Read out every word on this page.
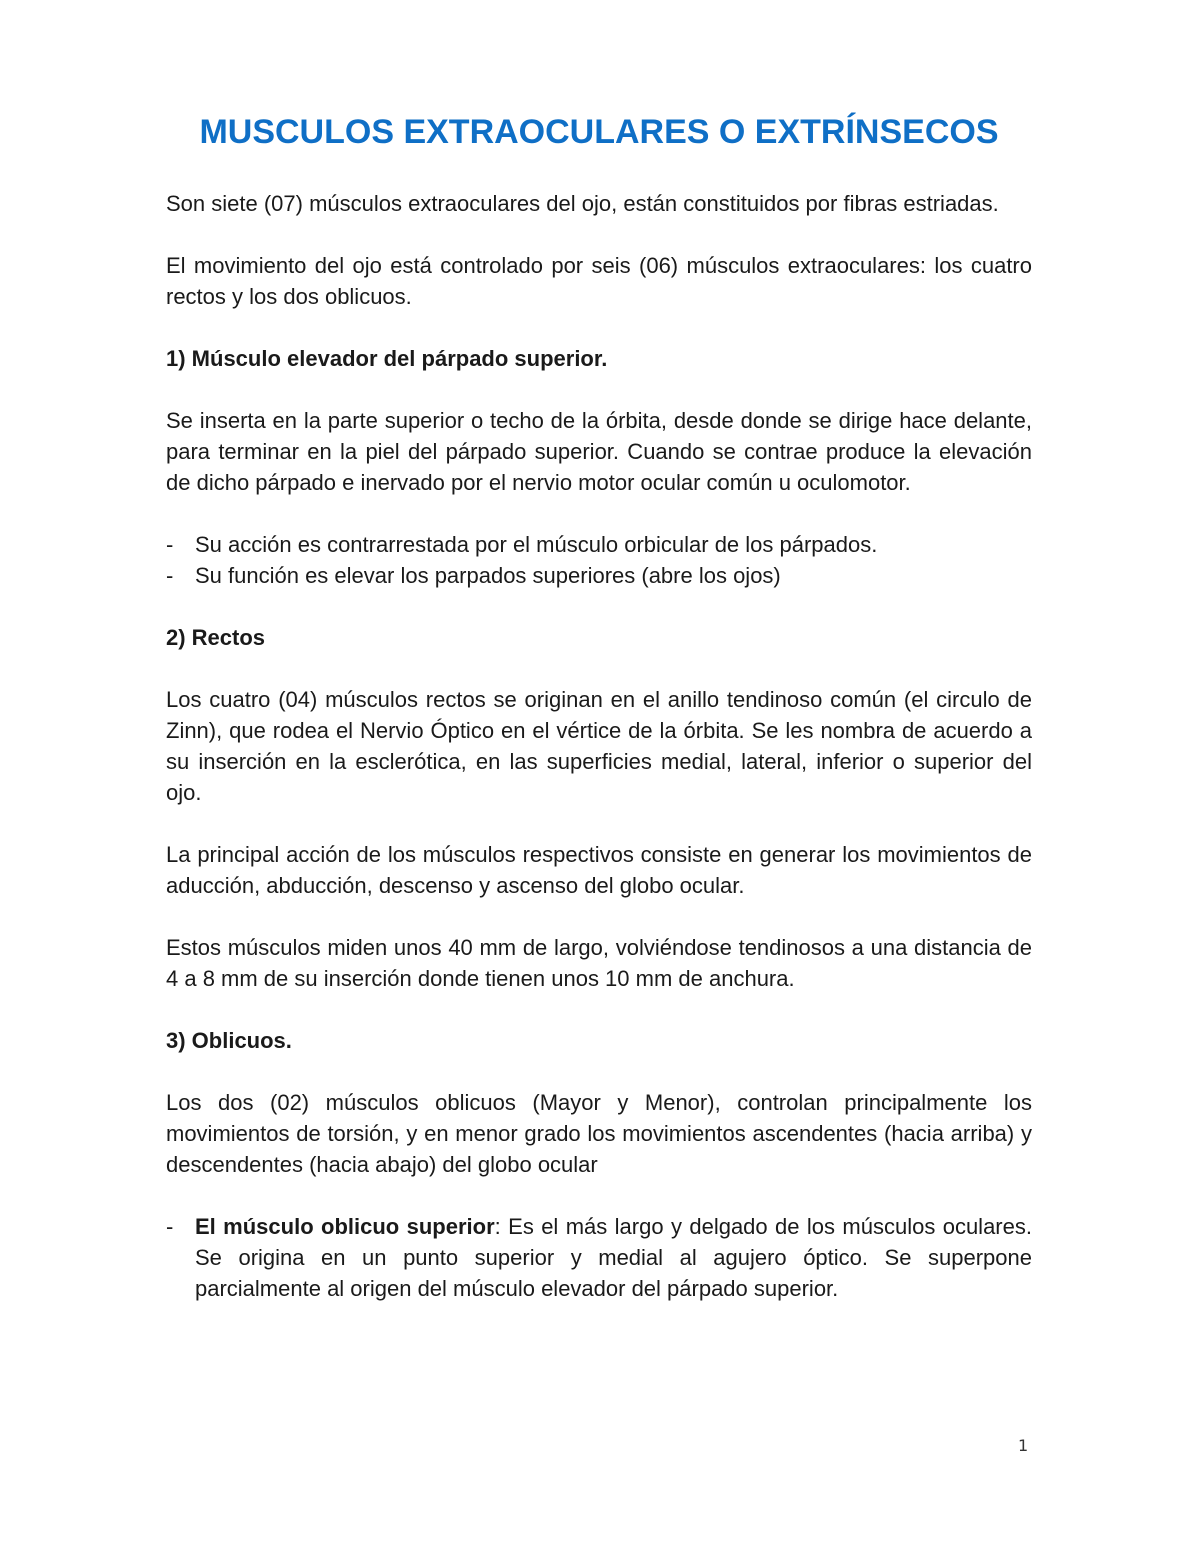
MUSCULOS EXTRAOCULARES O EXTRÍNSECOS

Son siete (07) músculos extraoculares del ojo, están constituidos por fibras estriadas.

El movimiento del ojo está controlado por seis (06) músculos extraoculares: los cuatro rectos y los dos oblicuos.

1) Músculo elevador del párpado superior.

Se inserta en la parte superior o techo de la órbita, desde donde se dirige hace delante, para terminar en la piel del párpado superior. Cuando se contrae produce la elevación de dicho párpado e inervado por el nervio motor ocular común u oculomotor.

- Su acción es contrarrestada por el músculo orbicular de los párpados.
- Su función es elevar los parpados superiores (abre los ojos)

2) Rectos

Los cuatro (04) músculos rectos se originan en el anillo tendinoso común (el circulo de Zinn), que rodea el Nervio Óptico en el vértice de la órbita. Se les nombra de acuerdo a su inserción en la esclerótica, en las superficies medial, lateral, inferior o superior del ojo.

La principal acción de los músculos respectivos consiste en generar los movimientos de aducción, abducción, descenso y ascenso del globo ocular.

Estos músculos miden unos 40 mm de largo, volviéndose tendinosos a una distancia de 4 a 8 mm de su inserción donde tienen unos 10 mm de anchura.

3) Oblicuos.

Los dos (02) músculos oblicuos (Mayor y Menor), controlan principalmente los movimientos de torsión, y en menor grado los movimientos ascendentes (hacia arriba) y descendentes (hacia abajo) del globo ocular

- El músculo oblicuo superior: Es el más largo y delgado de los músculos oculares. Se origina en un punto superior y medial al agujero óptico. Se superpone parcialmente al origen del músculo elevador del párpado superior.
1
